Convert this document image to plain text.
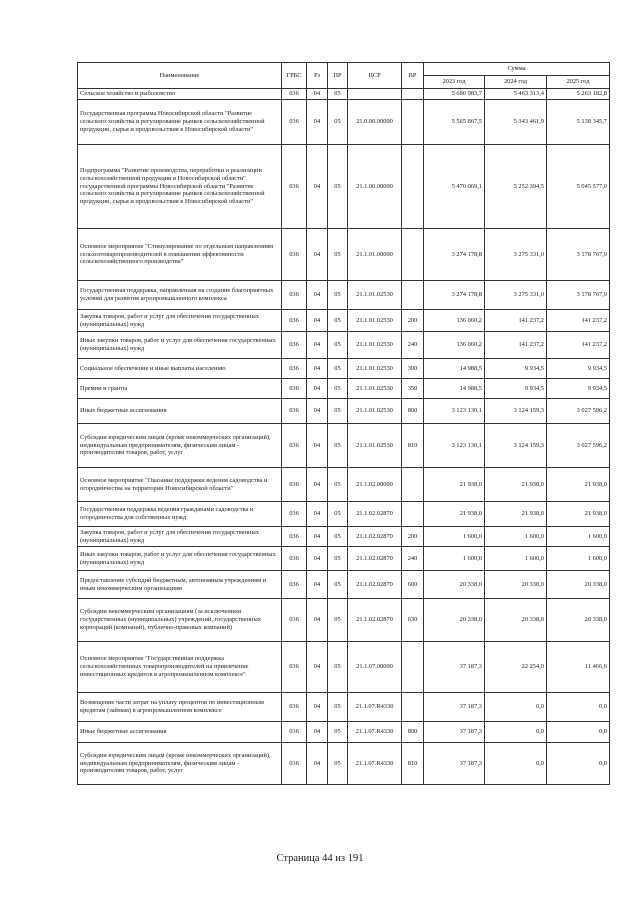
Наименование	ГРБС	Рз	ПР	ЦСР	ВР	Сумма		
						2023 год	2024 год	2025 год
Сельское хозяйство и рыболовство	036	04	05			5 680 983,7	5 463 313,4	5 263 182,8
Государственная программа Новосибирской области "Развитие сельского хозяйства и регулирование рынков сельскохозяйственной продукции, сырья и продовольствия в Новосибирской области"	036	04	05	21.0.00.00000		5 565 867,5	5 343 461,9	5 138 345,7
Подпрограмма "Развитие производства, переработки и реализации сельскохозяйственной продукции в Новосибирской области" государственной программы Новосибирской области "Развитие сельского хозяйства и регулирование рынков сельскохозяйственной продукции, сырья и продовольствия в Новосибирской области"	036	04	05	21.1.00.00000		5 470 069,1	5 252 394,5	5 045 577,0
Основное мероприятие "Стимулирование по отдельным направлениям сельхозтоваропроизводителей в повышении эффективности сельскохозяйственного производства"	036	04	05	21.1.01.00000		3 274 178,8	3 275 331,0	3 178 767,9
Государственная поддержка, направленная на создание благоприятных условий для развития агропромышленного комплекса	036	04	05	21.1.01.02530		3 274 178,8	3 275 331,0	3 178 767,9
Закупка товаров, работ и услуг для обеспечения государственных (муниципальных) нужд	036	04	05	21.1.01.02530	200	136 060,2	141 237,2	141 237,2
Иные закупки товаров, работ и услуг для обеспечения государственных (муниципальных) нужд	036	04	05	21.1.01.02530	240	136 060,2	141 237,2	141 237,2
Социальное обеспечение и иные выплаты населению	036	04	05	21.1.01.02530	300	14 988,5	9 934,5	9 934,5
Премии и гранты	036	04	05	21.1.01.02530	350	14 988,5	9 934,5	9 934,5
Иные бюджетные ассигнования	036	04	05	21.1.01.02530	800	3 123 130,1	3 124 159,3	3 027 596,2
Субсидии юридическим лицам (кроме некоммерческих организаций), индивидуальным предпринимателям, физическим лицам - производителям товаров, работ, услуг	036	04	05	21.1.01.02530	810	3 123 130,1	3 124 159,3	3 027 596,2
Основное мероприятие "Оказание поддержки ведения садоводства и огородничества на территории Новосибирской области"	036	04	05	21.1.02.00000		21 938,0	21 938,0	21 938,0
Государственная поддержка ведения гражданами садоводства и огородничества для собственных нужд	036	04	05	21.1.02.02870		21 938,0	21 938,0	21 938,0
Закупка товаров, работ и услуг для обеспечения государственных (муниципальных) нужд	036	04	05	21.1.02.02870	200	1 600,0	1 600,0	1 600,0
Иные закупки товаров, работ и услуг для обеспечения государственных (муниципальных) нужд	036	04	05	21.1.02.02870	240	1 600,0	1 600,0	1 600,0
Предоставление субсидий бюджетным, автономным учреждениям и иным некоммерческим организациям	036	04	05	21.1.02.02870	600	20 338,0	20 338,0	20 338,0
Субсидии некоммерческим организациям (за исключением государственных (муниципальных) учреждений, государственных корпораций (компаний), публично-правовых компаний)	036	04	05	21.1.02.02870	630	20 338,0	20 338,0	20 338,0
Основное мероприятие "Государственная поддержка сельскохозяйственных товаропроизводителей на привлечение инвестиционных кредитов в агропромышленном комплексе"	036	04	05	21.1.07.00000		37 187,3	22 254,0	11 466,6
Возмещение части затрат на уплату процентов по инвестиционным кредитам (займам) в агропромышленном комплексе	036	04	05	21.1.07.R4330		37 187,3	0,0	0,0
Иные бюджетные ассигнования	036	04	05	21.1.07.R4330	800	37 187,3	0,0	0,0
Субсидии юридическим лицам (кроме некоммерческих организаций), индивидуальным предпринимателям, физическим лицам - производителям товаров, работ, услуг	036	04	05	21.1.07.R4330	810	37 187,3	0,0	0,0
Страница 44 из 191
